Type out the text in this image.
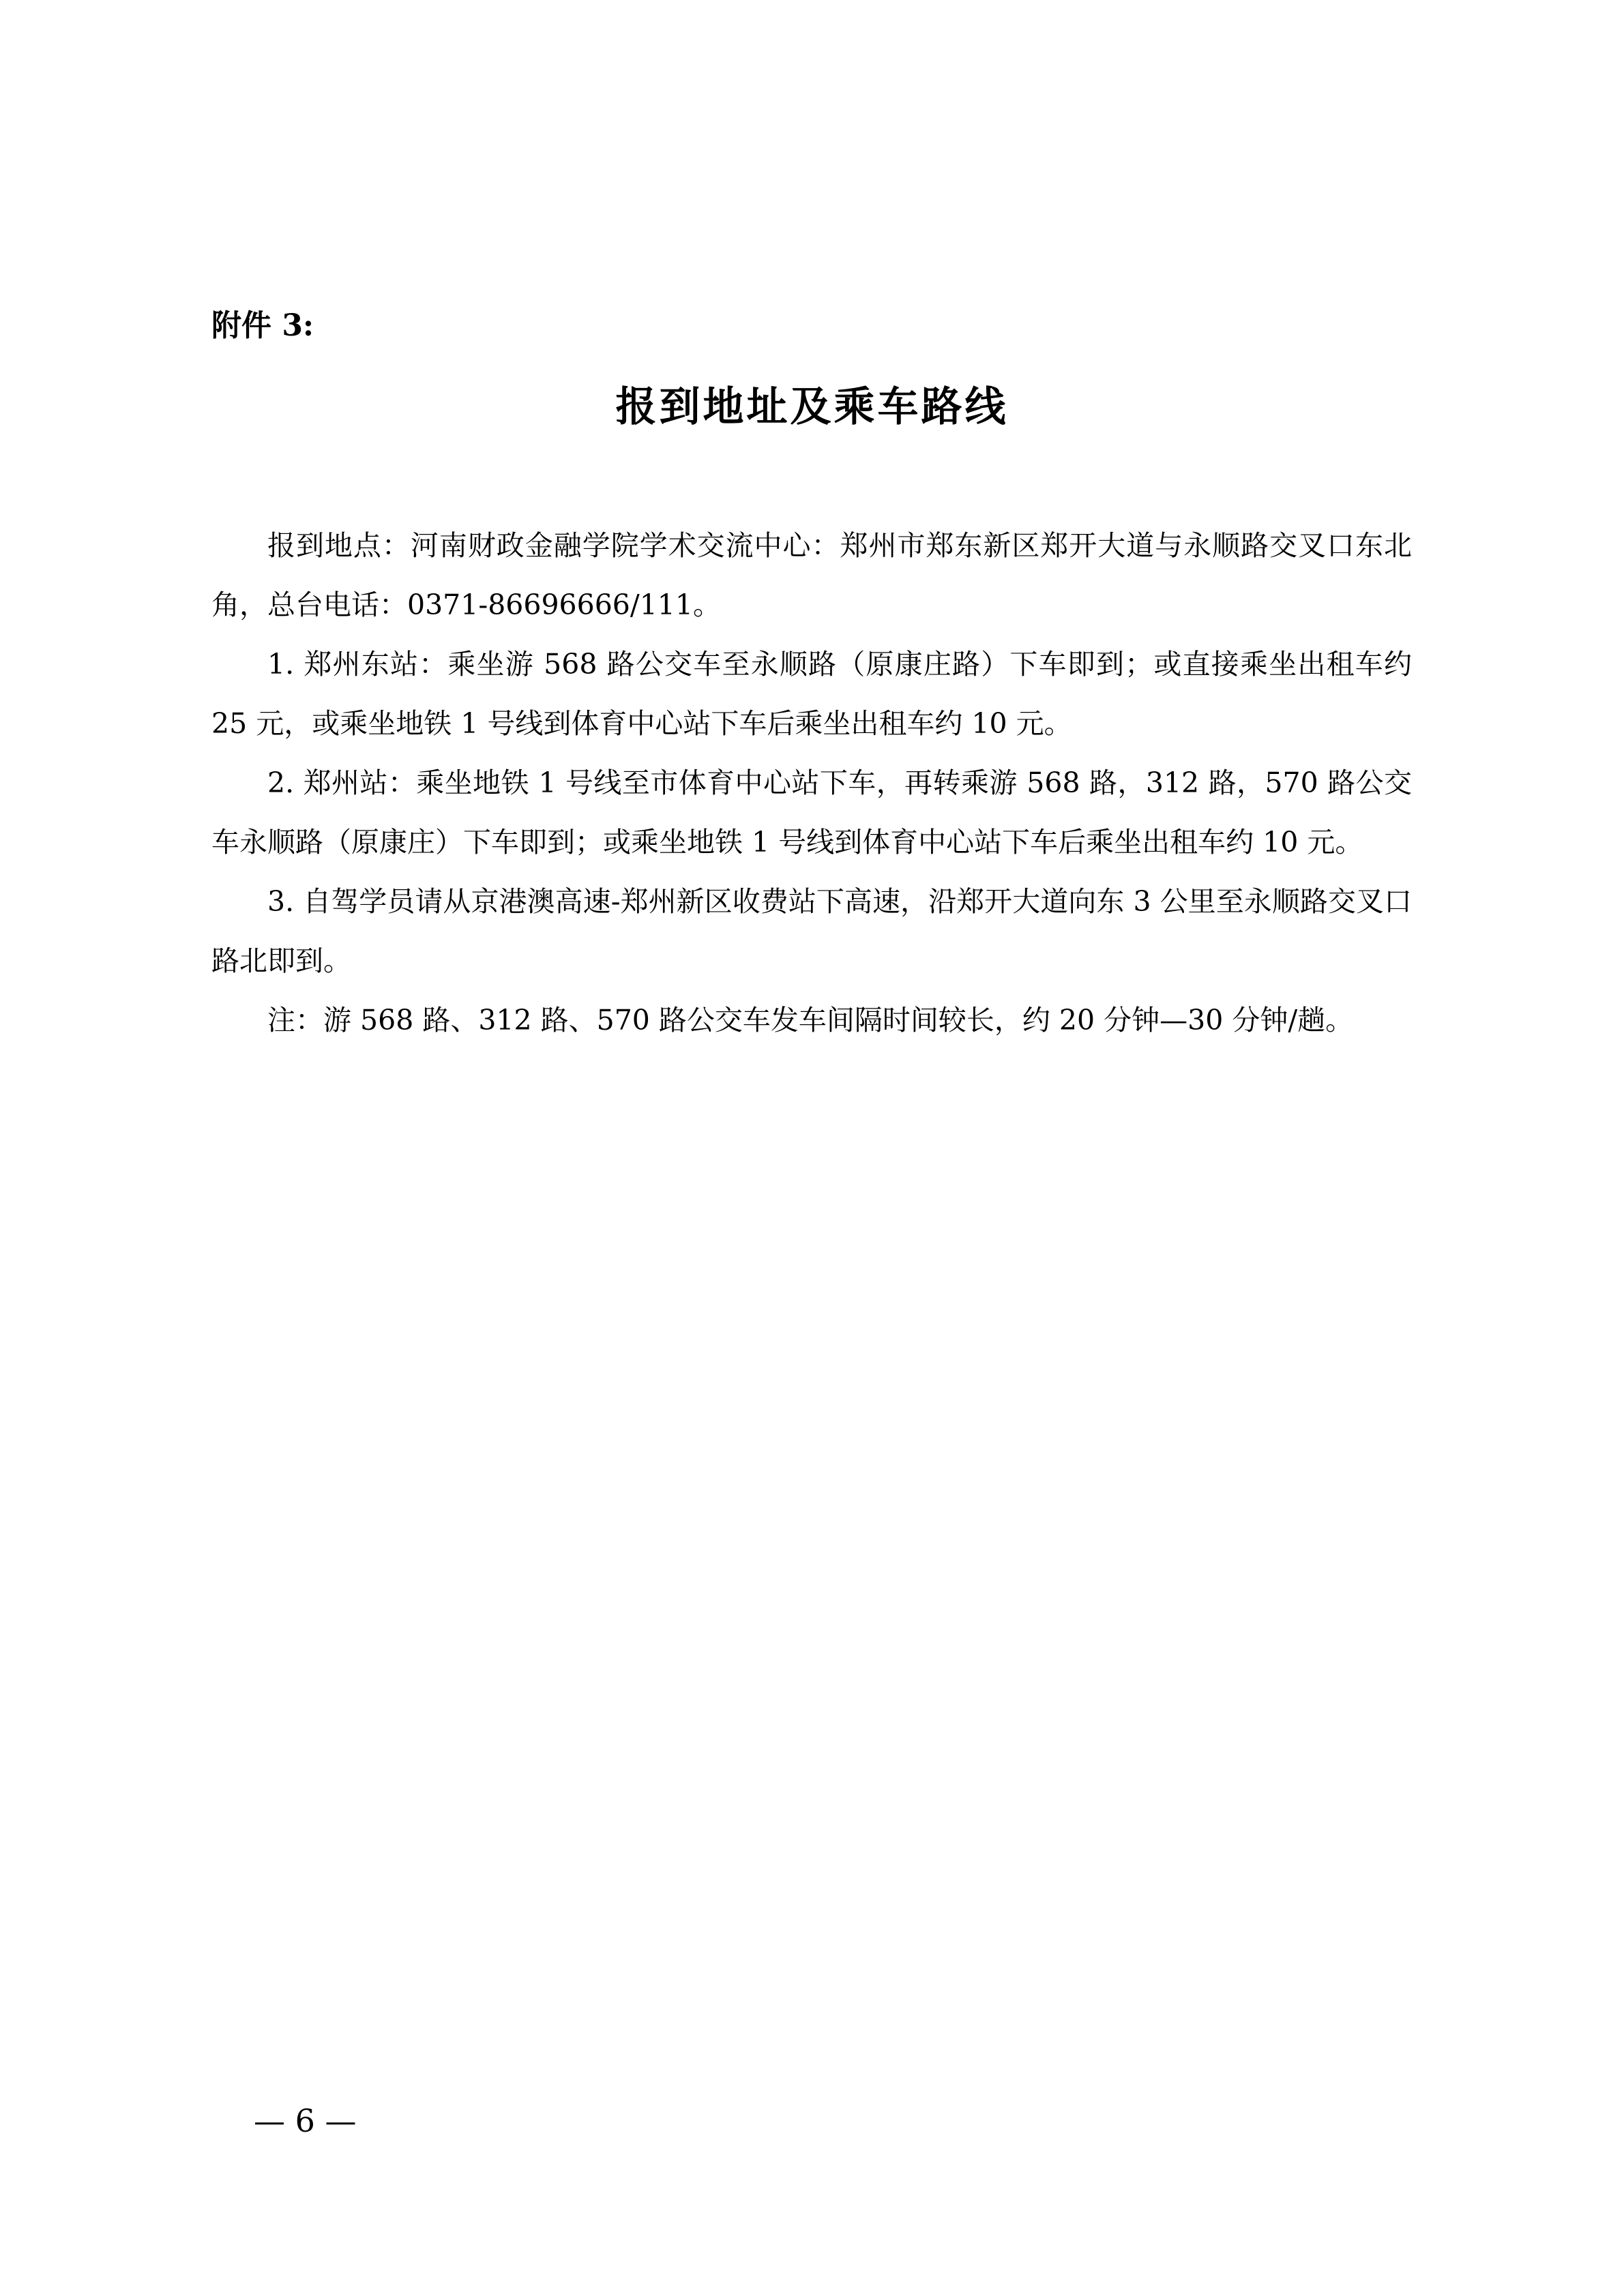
附件 3:
报到地址及乘车路线

报到地点：河南财政金融学院学术交流中心：郑州市郑东新区郑开大道与永顺路交叉口东北角，总台电话：0371-86696666/111。

1. 郑州东站：乘坐游 568 路公交车至永顺路（原康庄路）下车即到；或直接乘坐出租车约 25 元，或乘坐地铁 1 号线到体育中心站下车后乘坐出租车约 10 元。

2. 郑州站：乘坐地铁 1 号线至市体育中心站下车，再转乘游 568 路，312 路，570 路公交车永顺路（原康庄）下车即到；或乘坐地铁 1 号线到体育中心站下车后乘坐出租车约 10 元。

3. 自驾学员请从京港澳高速-郑州新区收费站下高速，沿郑开大道向东 3 公里至永顺路交叉口路北即到。

注：游 568 路、312 路、570 路公交车发车间隔时间较长，约 20 分钟—30 分钟/趟。

— 6 —
